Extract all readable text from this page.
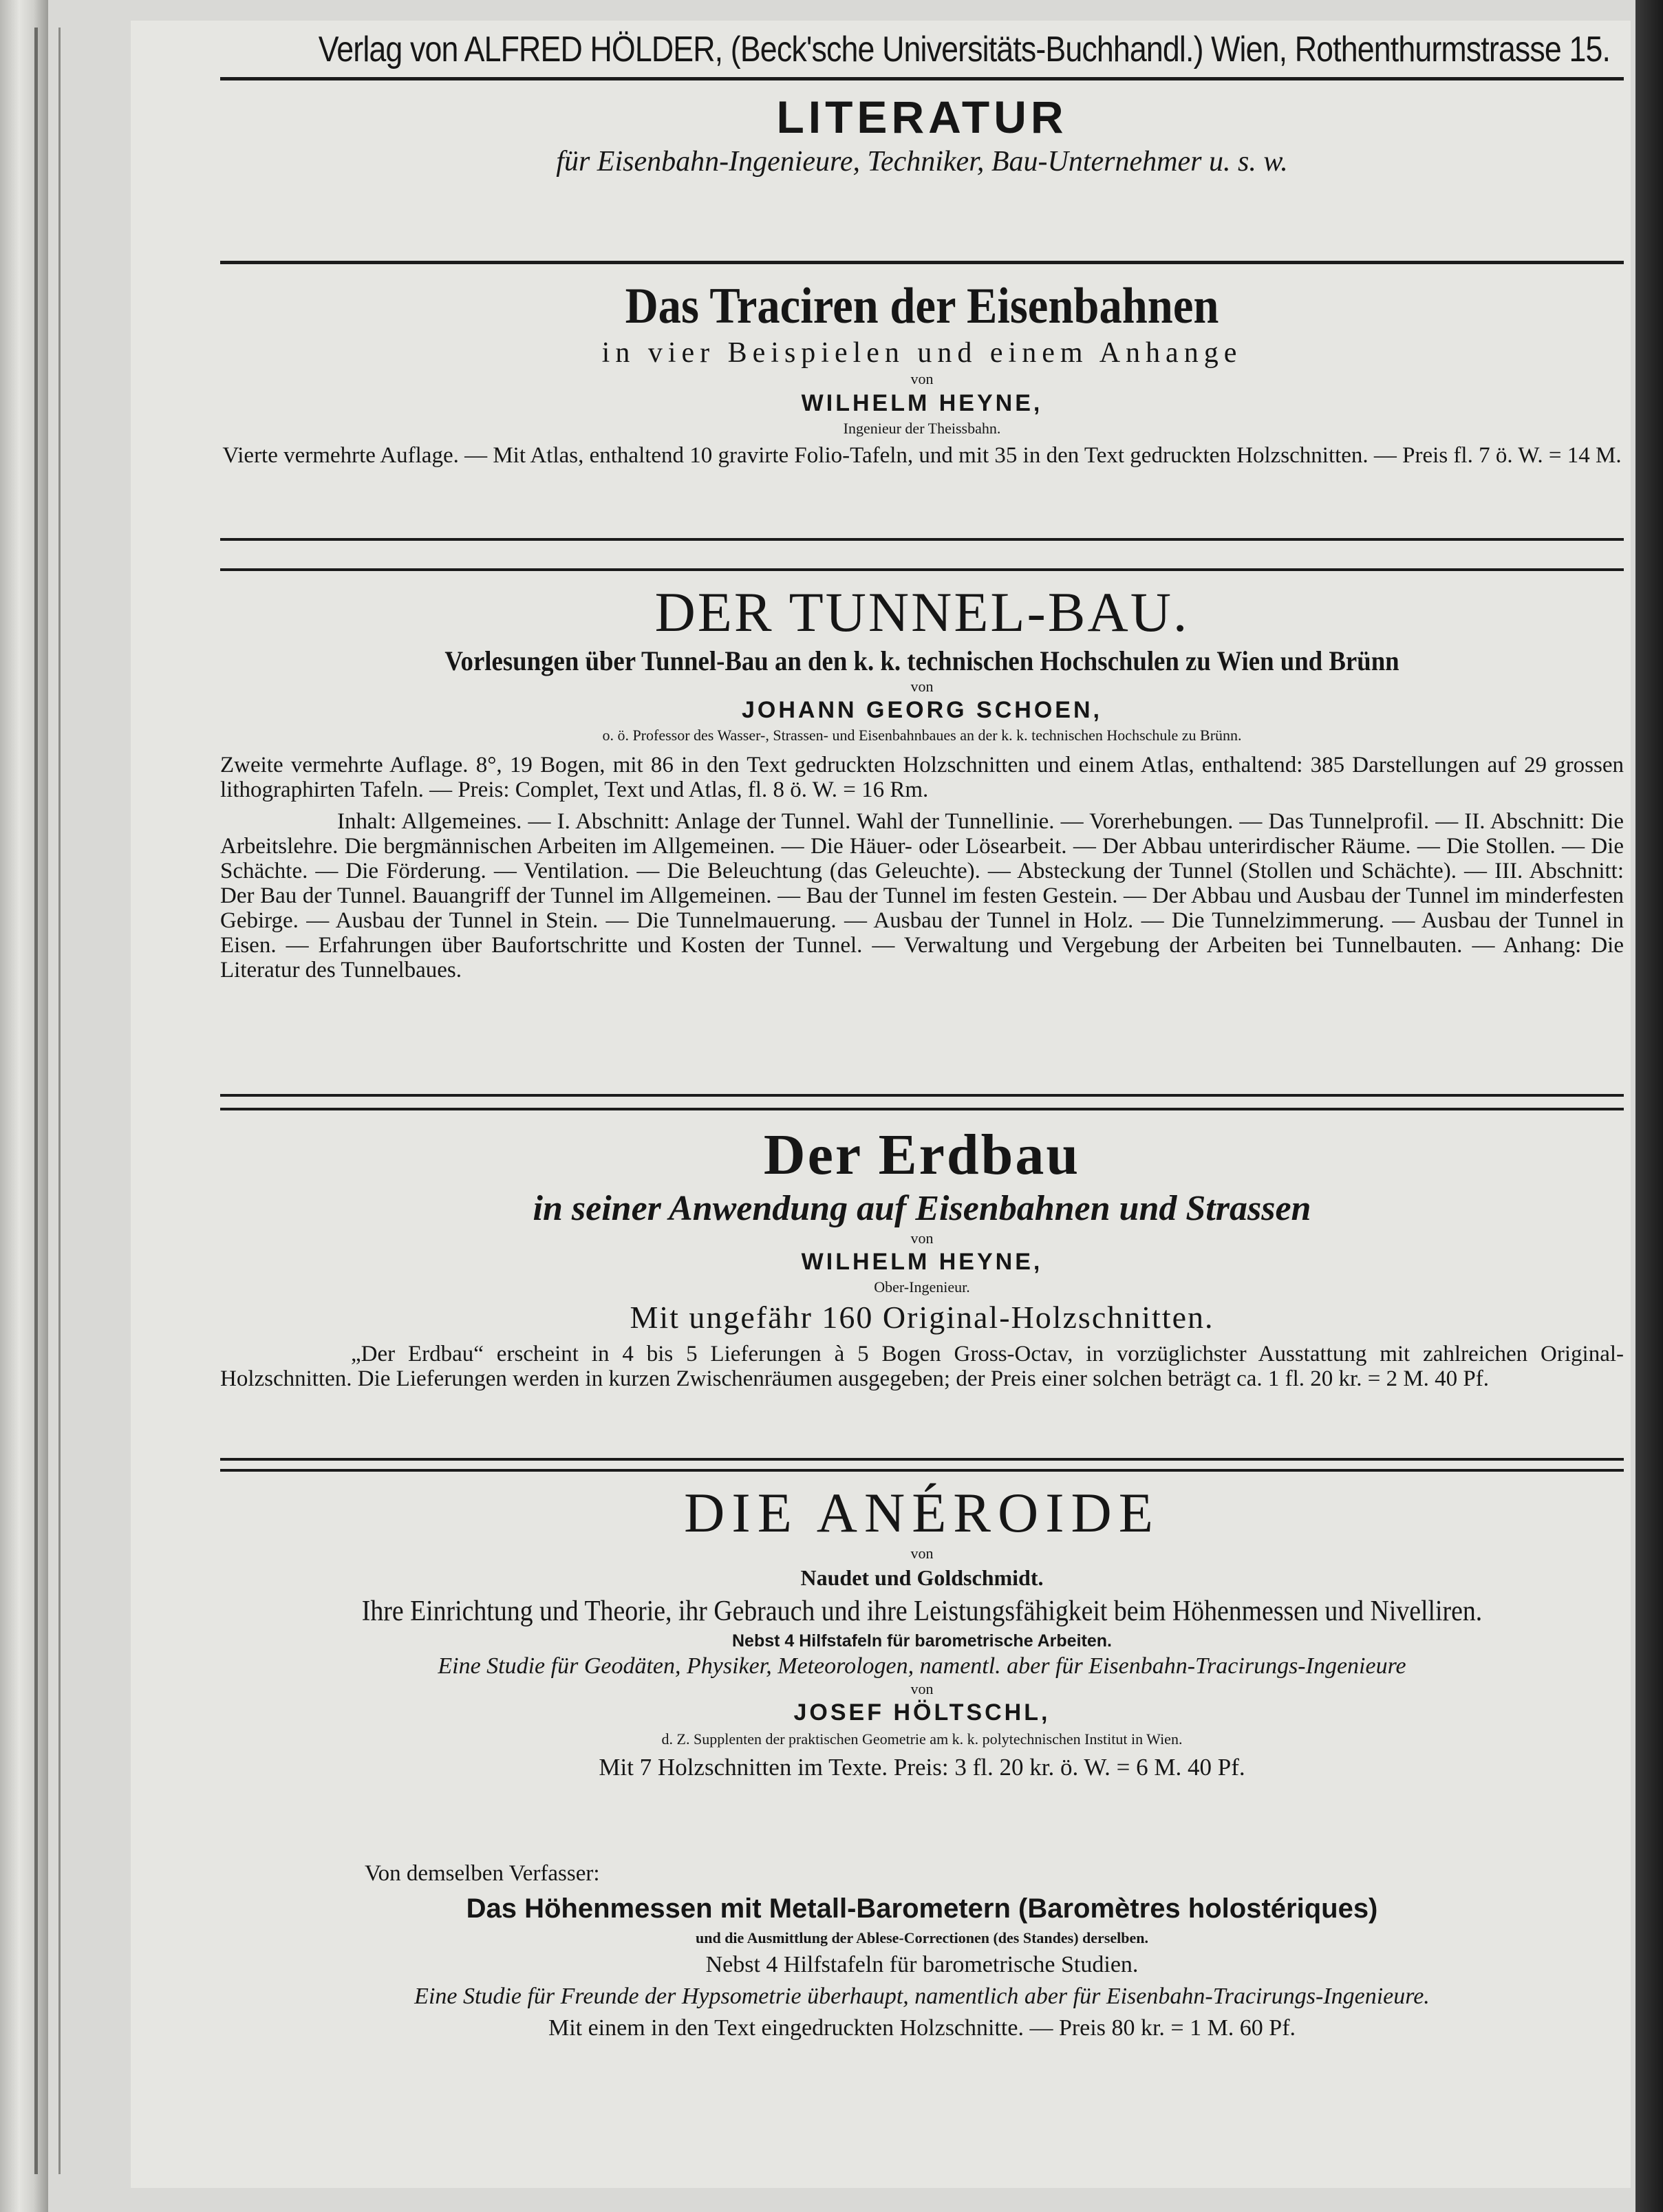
Verlag von ALFRED HÖLDER, (Beck'sche Universitäts-Buchhandl.) Wien, Rothenthurmstrasse 15.

LITERATUR

für Eisenbahn-Ingenieure, Techniker, Bau-Unternehmer u. s. w.

Das Traciren der Eisenbahnen

in vier Beispielen und einem Anhange

von

WILHELM HEYNE,

Ingenieur der Theissbahn.

Vierte vermehrte Auflage. — Mit Atlas, enthaltend 10 gravirte Folio-Tafeln, und mit 35 in den Text gedruckten Holzschnitten. — Preis fl. 7 ö. W. = 14 M.

DER TUNNEL-BAU.

Vorlesungen über Tunnel-Bau an den k. k. technischen Hochschulen zu Wien und Brünn

von

JOHANN GEORG SCHOEN,

o. ö. Professor des Wasser-, Strassen- und Eisenbahnbaues an der k. k. technischen Hochschule zu Brünn.

Zweite vermehrte Auflage. 8°, 19 Bogen, mit 86 in den Text gedruckten Holzschnitten und einem Atlas, enthaltend: 385 Darstellungen auf 29 grossen lithographirten Tafeln. — Preis: Complet, Text und Atlas, fl. 8 ö. W. = 16 Rm.

Inhalt: Allgemeines. — I. Abschnitt: Anlage der Tunnel. Wahl der Tunnellinie. — Vorerhebungen. — Das Tunnelprofil. — II. Abschnitt: Die Arbeitslehre. Die bergmännischen Arbeiten im Allgemeinen. — Die Häuer- oder Lösearbeit. — Der Abbau unterirdischer Räume. — Die Stollen. — Die Schächte. — Die Förderung. — Ventilation. — Die Beleuchtung (das Geleuchte). — Absteckung der Tunnel (Stollen und Schächte). — III. Abschnitt: Der Bau der Tunnel. Bauangriff der Tunnel im Allgemeinen. — Bau der Tunnel im festen Gestein. — Der Abbau und Ausbau der Tunnel im minderfesten Gebirge. — Ausbau der Tunnel in Stein. — Die Tunnelmauerung. — Ausbau der Tunnel in Holz. — Die Tunnelzimmerung. — Ausbau der Tunnel in Eisen. — Erfahrungen über Baufortschritte und Kosten der Tunnel. — Verwaltung und Vergebung der Arbeiten bei Tunnelbauten. — Anhang: Die Literatur des Tunnelbaues.

Der Erdbau

in seiner Anwendung auf Eisenbahnen und Strassen

von

WILHELM HEYNE,

Ober-Ingenieur.

Mit ungefähr 160 Original-Holzschnitten.

„Der Erdbau“ erscheint in 4 bis 5 Lieferungen à 5 Bogen Gross-Octav, in vorzüglichster Ausstattung mit zahlreichen Original-Holzschnitten. Die Lieferungen werden in kurzen Zwischenräumen ausgegeben; der Preis einer solchen beträgt ca. 1 fl. 20 kr. = 2 M. 40 Pf.

DIE ANÉROIDE

von

Naudet und Goldschmidt.

Ihre Einrichtung und Theorie, ihr Gebrauch und ihre Leistungsfähigkeit beim Höhenmessen und Nivelliren.

Nebst 4 Hilfstafeln für barometrische Arbeiten.

Eine Studie für Geodäten, Physiker, Meteorologen, namentl. aber für Eisenbahn-Tracirungs-Ingenieure

von

JOSEF HÖLTSCHL,

d. Z. Supplenten der praktischen Geometrie am k. k. polytechnischen Institut in Wien.

Mit 7 Holzschnitten im Texte. Preis: 3 fl. 20 kr. ö. W. = 6 M. 40 Pf.

Von demselben Verfasser:

Das Höhenmessen mit Metall-Barometern (Baromètres holostériques)

und die Ausmittlung der Ablese-Correctionen (des Standes) derselben.

Nebst 4 Hilfstafeln für barometrische Studien.

Eine Studie für Freunde der Hypsometrie überhaupt, namentlich aber für Eisenbahn-Tracirungs-Ingenieure.

Mit einem in den Text eingedruckten Holzschnitte. — Preis 80 kr. = 1 M. 60 Pf.
